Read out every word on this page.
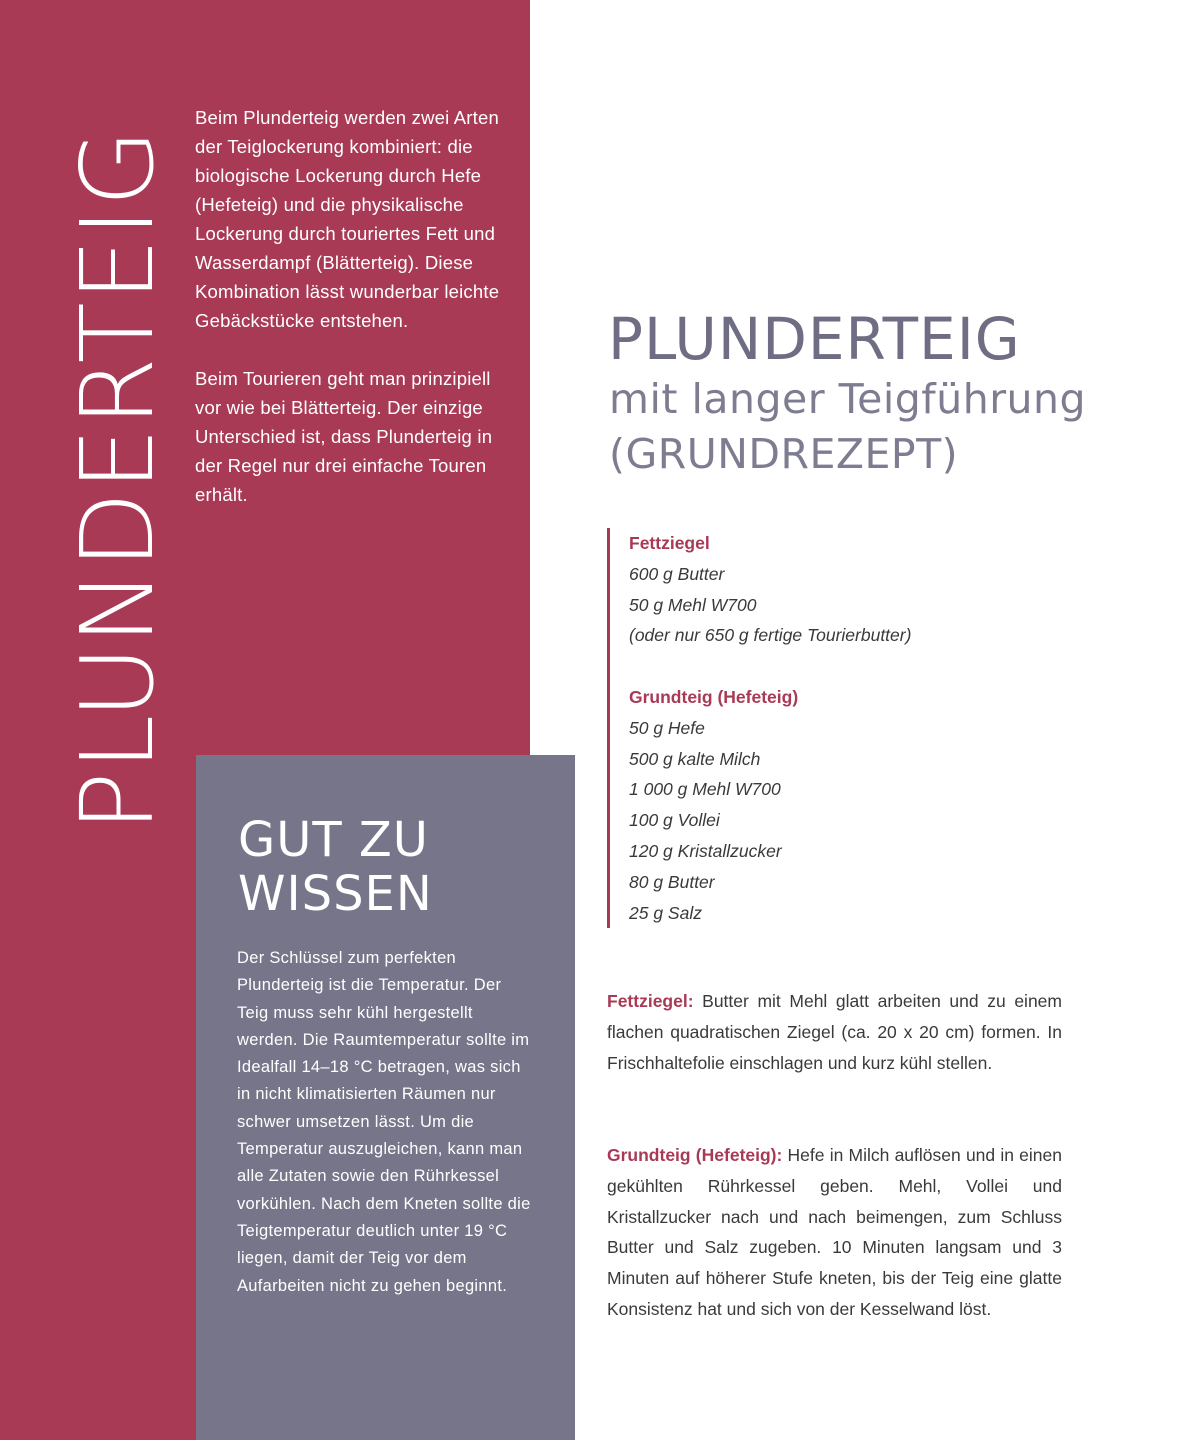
PLUNDERTEIG

Beim Plunderteig werden zwei Arten der Teiglockerung kombiniert: die biologische Lockerung durch Hefe (Hefeteig) und die physikalische Lockerung durch touriertes Fett und Wasserdampf (Blätterteig). Diese Kombination lässt wunderbar leichte Gebäckstücke entstehen.

Beim Tourieren geht man prinzipiell vor wie bei Blätterteig. Der einzige Unterschied ist, dass Plunderteig in der Regel nur drei einfache Touren erhält.

GUT ZU
WISSEN

Der Schlüssel zum perfekten Plunderteig ist die Temperatur. Der Teig muss sehr kühl hergestellt werden. Die Raumtemperatur sollte im Idealfall 14–18 °C betragen, was sich in nicht klimatisierten Räumen nur schwer umsetzen lässt. Um die Temperatur auszugleichen, kann man alle Zutaten sowie den Rührkessel vorkühlen. Nach dem Kneten sollte die Teigtemperatur deutlich unter 19 °C liegen, damit der Teig vor dem Aufarbeiten nicht zu gehen beginnt.

PLUNDERTEIG
mit langer Teigführung
(GRUNDREZEPT)
Fettziegel
600 g Butter
50 g Mehl W700
(oder nur 650 g fertige Tourierbutter)
Grundteig (Hefeteig)
50 g Hefe
500 g kalte Milch
1 000 g Mehl W700
100 g Vollei
120 g Kristallzucker
80 g Butter
25 g Salz

Fettziegel: Butter mit Mehl glatt arbeiten und zu einem flachen quadratischen Ziegel (ca. 20 x 20 cm) formen. In Frischhaltefolie einschlagen und kurz kühl stellen.

Grundteig (Hefeteig): Hefe in Milch auflösen und in einen gekühlten Rührkessel geben. Mehl, Vollei und Kristallzucker nach und nach beimengen, zum Schluss Butter und Salz zugeben. 10 Minuten langsam und 3 Minuten auf höherer Stufe kneten, bis der Teig eine glatte Konsistenz hat und sich von der Kesselwand löst.
